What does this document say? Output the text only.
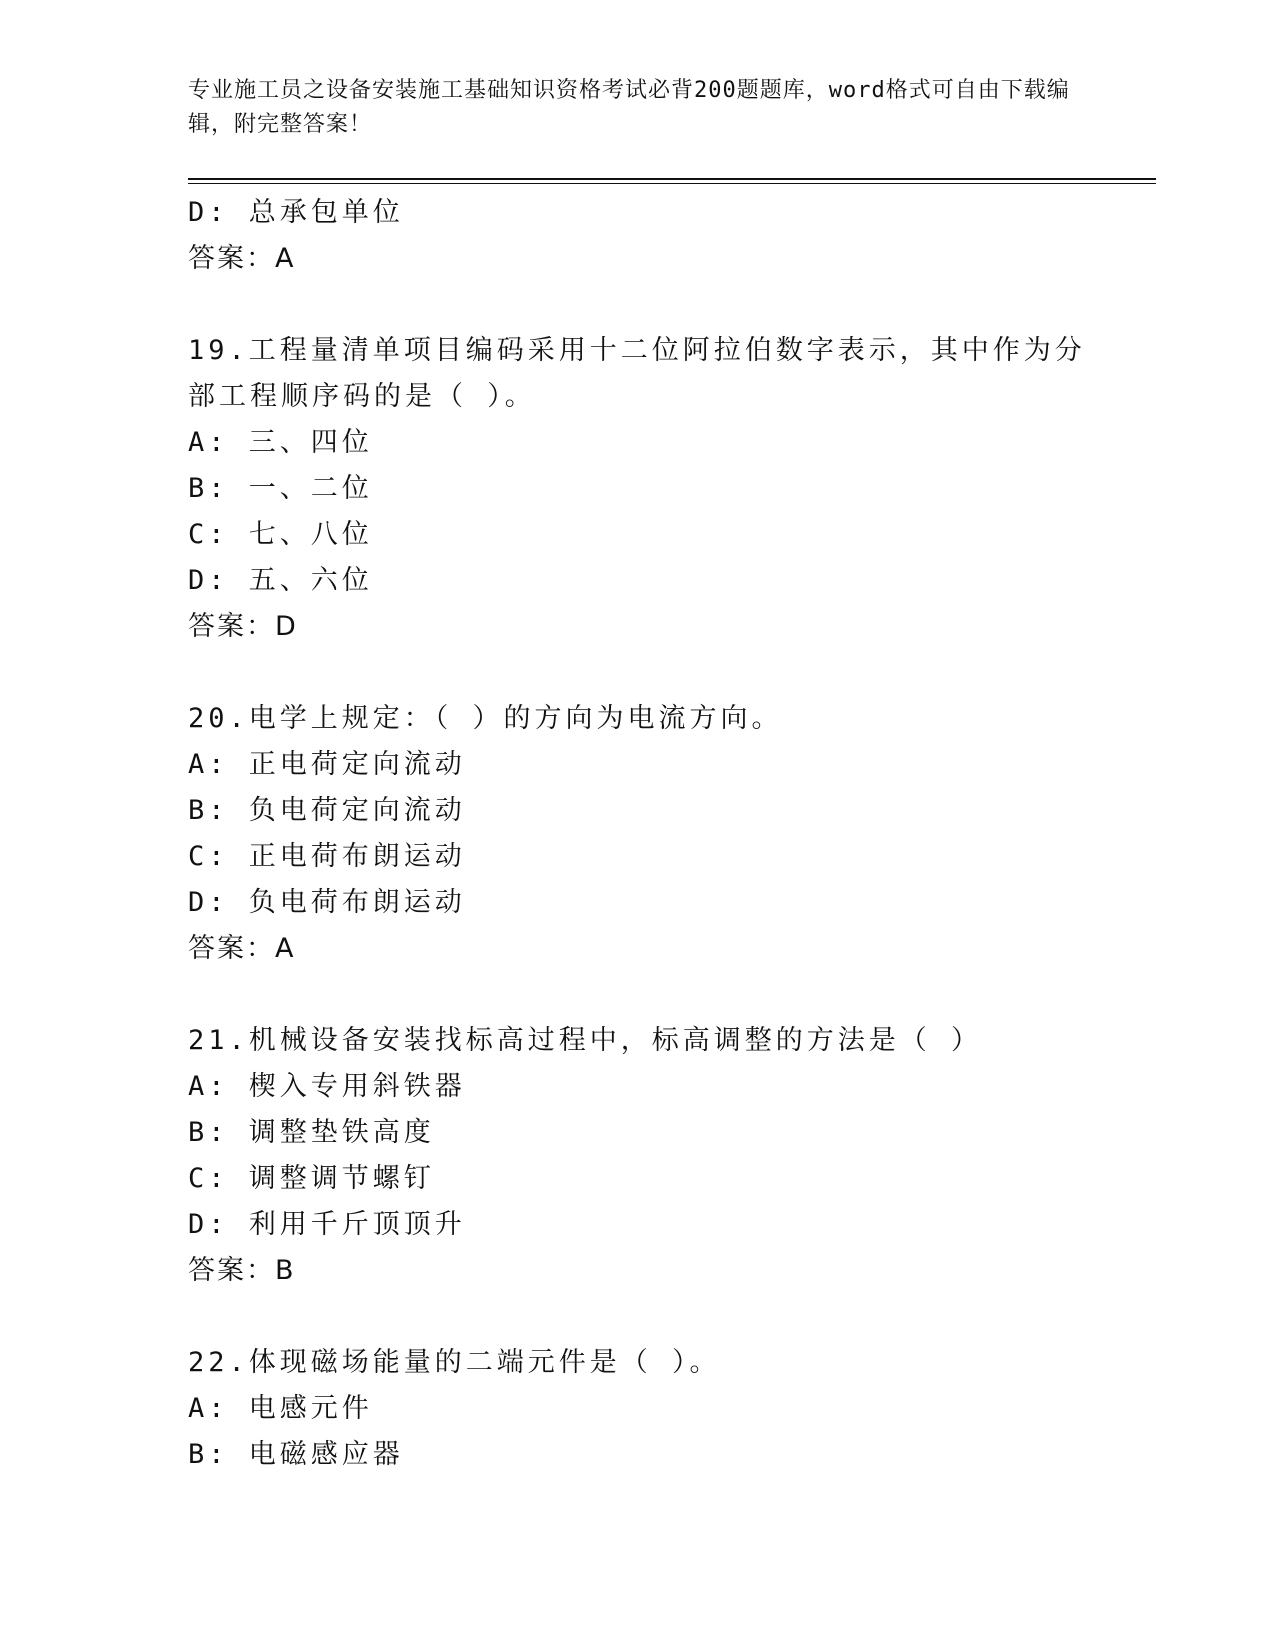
专业施工员之设备安装施工基础知识资格考试必背200题题库，word格式可自由下载编辑，附完整答案！
D: 总承包单位
答案：A
19.工程量清单项目编码采用十二位阿拉伯数字表示，其中作为分部工程顺序码的是（ ）。
A: 三、四位
B: 一、二位
C: 七、八位
D: 五、六位
答案：D
20.电学上规定：（ ）的方向为电流方向。
A: 正电荷定向流动
B: 负电荷定向流动
C: 正电荷布朗运动
D: 负电荷布朗运动
答案：A
21.机械设备安装找标高过程中，标高调整的方法是（ ）
A: 楔入专用斜铁器
B: 调整垫铁高度
C: 调整调节螺钉
D: 利用千斤顶顶升
答案：B
22.体现磁场能量的二端元件是（ ）。
A: 电感元件
B: 电磁感应器
